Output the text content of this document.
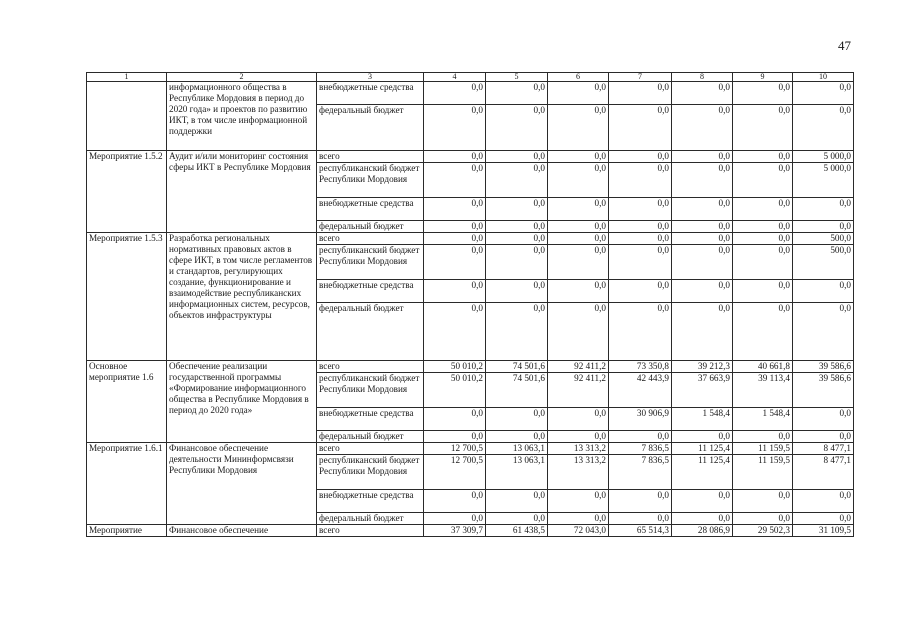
47
1	2	3	4	5	6	7	8	9	10
	информационного общества в Республике Мордовия в период до 2020 года» и проектов по развитию ИКТ, в том числе информационной поддержки	внебюджетные средства	0,0	0,0	0,0	0,0	0,0	0,0	0,0
		федеральный бюджет	0,0	0,0	0,0	0,0	0,0	0,0	0,0
Мероприятие 1.5.2	Аудит и/или мониторинг состояния сферы ИКТ в Республике Мордовия	всего	0,0	0,0	0,0	0,0	0,0	0,0	5 000,0
		республиканский бюджет Республики Мордовия	0,0	0,0	0,0	0,0	0,0	0,0	5 000,0
		внебюджетные средства	0,0	0,0	0,0	0,0	0,0	0,0	0,0
		федеральный бюджет	0,0	0,0	0,0	0,0	0,0	0,0	0,0
Мероприятие 1.5.3	Разработка региональных нормативных правовых актов в сфере ИКТ, в том числе регламентов и стандартов, регулирующих создание, функционирование и взаимодействие республиканских информационных систем, ресурсов, объектов инфраструктуры	всего	0,0	0,0	0,0	0,0	0,0	0,0	500,0
		республиканский бюджет Республики Мордовия	0,0	0,0	0,0	0,0	0,0	0,0	500,0
		внебюджетные средства	0,0	0,0	0,0	0,0	0,0	0,0	0,0
		федеральный бюджет	0,0	0,0	0,0	0,0	0,0	0,0	0,0
Основное мероприятие 1.6	Обеспечение реализации государственной программы «Формирование информационного общества в Республике Мордовия в период до 2020 года»	всего	50 010,2	74 501,6	92 411,2	73 350,8	39 212,3	40 661,8	39 586,6
		республиканский бюджет Республики Мордовия	50 010,2	74 501,6	92 411,2	42 443,9	37 663,9	39 113,4	39 586,6
		внебюджетные средства	0,0	0,0	0,0	30 906,9	1 548,4	1 548,4	0,0
		федеральный бюджет	0,0	0,0	0,0	0,0	0,0	0,0	0,0
Мероприятие 1.6.1	Финансовое обеспечение деятельности Мининформсвязи Республики Мордовия	всего	12 700,5	13 063,1	13 313,2	7 836,5	11 125,4	11 159,5	8 477,1
		республиканский бюджет Республики Мордовия	12 700,5	13 063,1	13 313,2	7 836,5	11 125,4	11 159,5	8 477,1
		внебюджетные средства	0,0	0,0	0,0	0,0	0,0	0,0	0,0
		федеральный бюджет	0,0	0,0	0,0	0,0	0,0	0,0	0,0
Мероприятие	Финансовое обеспечение	всего	37 309,7	61 438,5	72 043,0	65 514,3	28 086,9	29 502,3	31 109,5
